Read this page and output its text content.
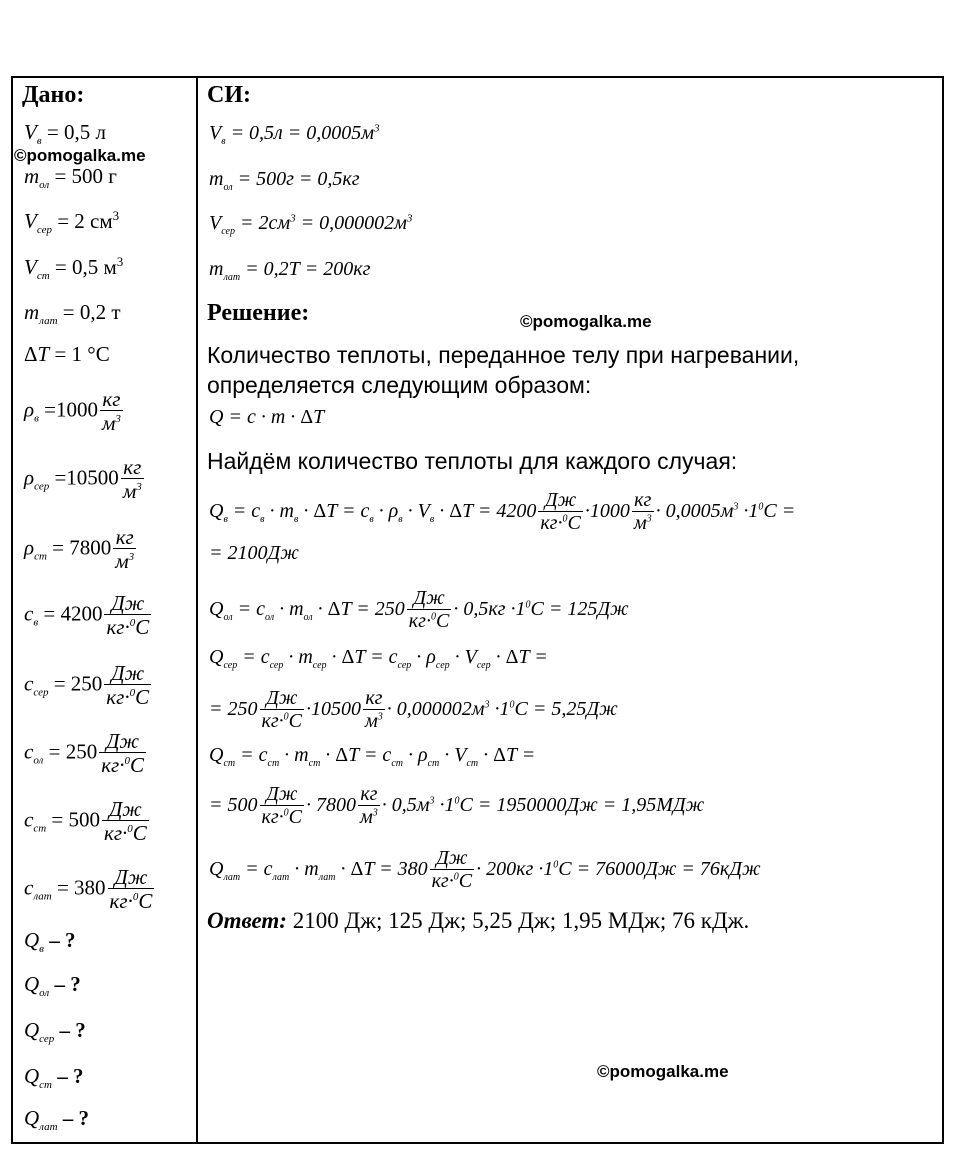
Дано:
$V_в = 0,5$ л
$m_{ол} = 500$ г
$V_{сер} = 2$ $см^3$
$V_{ст} = 0,5$ $м^3$
$m_{лат} = 0,2$ т
ΔT = 1 °C
$\rho_в =1000 \frac{кг}{м^3}$
$\rho_{сер} =10500 \frac{кг}{м^3}$
$\rho_{ст} = 7800 \frac{кг}{м^3}$
$c_в = 4200 \frac{Дж}{кг\cdot^0C}$
$c_{сер} = 250 \frac{Дж}{кг\cdot^0C}$
$c_{ол} = 250 \frac{Дж}{кг\cdot^0C}$
$c_{ст} = 500 \frac{Дж}{кг\cdot^0C}$
$c_{лат} = 380 \frac{Дж}{кг\cdot^0C}$
$Q_в$ – ?
$Q_{ол}$ – ?
$Q_{сер}$ – ?
$Q_{ст}$ – ?
$Q_{лат}$ – ?
©pomogalka.me
СИ:
$V_в = 0,5л = 0,0005м^3$
$m_{ол} = 500г = 0,5кг$
$V_{сер} = 2см^3 = 0,000002м^3$
$m_{лат} = 0,2Т = 200кг$
Решение:	©pomogalka.me
Количество теплоты, переданное телу при нагревании,
определяется следующим образом:
Q = c · m · ΔT
Найдём количество теплоты для каждого случая:
$Q_в = c_в \cdot m_в \cdot \Delta T = c_в \cdot \rho_в \cdot V_в \cdot \Delta T = 4200 \frac{Дж}{кг\cdot^0C} \cdot 1000 \frac{кг}{м^3} \cdot 0,0005м^3 \cdot 1^0C$ =
= 2100Дж
$Q_{ол} = c_{ол} \cdot m_{ол} \cdot \Delta T = 250 \frac{Дж}{кг\cdot^0C} \cdot 0,5кг \cdot 1^0C = 125Дж$
$Q_{сер} = c_{сер} \cdot m_{сер} \cdot \Delta T = c_{сер} \cdot \rho_{сер} \cdot V_{сер} \cdot \Delta T$ =
= $250 \frac{Дж}{кг\cdot^0C} \cdot 10500 \frac{кг}{м^3} \cdot 0,000002м^3 \cdot 1^0C = 5,25Дж$
$Q_{ст} = c_{ст} \cdot m_{ст} \cdot \Delta T = c_{ст} \cdot \rho_{ст} \cdot V_{ст} \cdot \Delta T$ =
= $500 \frac{Дж}{кг\cdot^0C} \cdot 7800 \frac{кг}{м^3} \cdot 0,5м^3 \cdot 1^0C = 1950000Дж = 1,95МДж$
$Q_{лат} = c_{лат} \cdot m_{лат} \cdot \Delta T = 380 \frac{Дж}{кг\cdot^0C} \cdot 200кг \cdot 1^0C = 76000Дж = 76кДж$
Ответ: 2100 Дж; 125 Дж; 5,25 Дж; 1,95 МДж; 76 кДж.
©pomogalka.me
